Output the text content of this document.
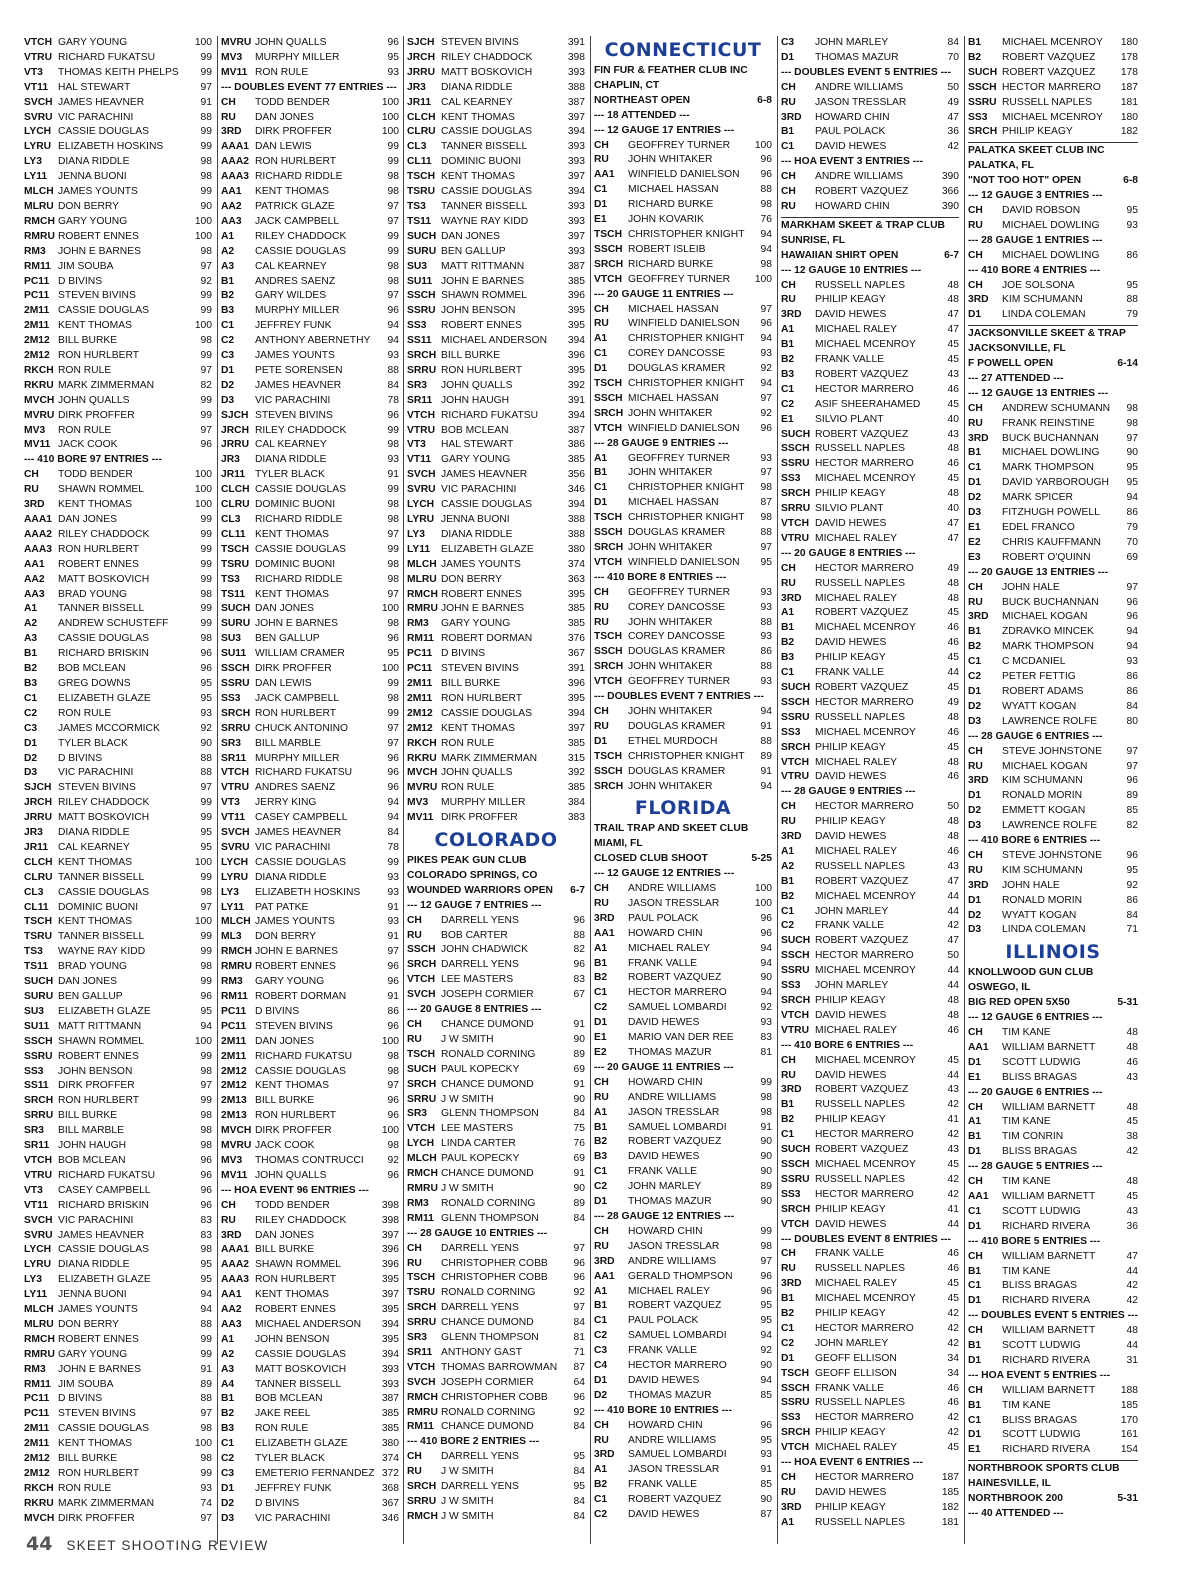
VTCH GARY YOUNG	100
VTRU RICHARD FUKATSU	99
VT3	THOMAS KEITH PHELPS	99
VT11 HAL STEWART	97
SVCH JAMES HEAVNER	91
SVRU VIC PARACHINI	88
LYCH CASSIE DOUGLAS	99
LYRU ELIZABETH HOSKINS	99
LY3	DIANA RIDDLE	98
LY11	JENNA BUONI	98
MLCH JAMES YOUNTS	99
MLRU DON BERRY	90
RMCH GARY YOUNG	100
RMRU ROBERT ENNES	100
RM3	JOHN E BARNES	98
RM11 JIM SOUBA	97
PC11 D BIVINS	92
PC11 STEVEN BIVINS	99
2M11 CASSIE DOUGLAS	99
2M11 KENT THOMAS	100
2M12 BILL BURKE	98
2M12 RON HURLBERT	99
RKCH RON RULE	97
RKRU MARK ZIMMERMAN	82
MVCH JOHN QUALLS	99
MVRU DIRK PROFFER	99
MV3	RON RULE	97
MV11 JACK COOK	96
--- 410 BORE 97 ENTRIES ---
CH	TODD BENDER	100
RU	SHAWN ROMMEL	100
3RD	KENT THOMAS	100
AAA1 DAN JONES	99
AAA2 RILEY CHADDOCK	99
AAA3 RON HURLBERT	99
AA1	ROBERT ENNES	99
AA2	MATT BOSKOVICH	99
AA3	BRAD YOUNG	98
A1	TANNER BISSELL	99
A2	ANDREW SCHUSTEFF	99
A3	CASSIE DOUGLAS	98
B1	RICHARD BRISKIN	96
B2	BOB MCLEAN	96
B3	GREG DOWNS	95
C1	ELIZABETH GLAZE	95
C2	RON RULE	93
C3	JAMES MCCORMICK	92
D1	TYLER BLACK	90
D2	D BIVINS	88
D3	VIC PARACHINI	88
SJCH STEVEN BIVINS	97
JRCH RILEY CHADDOCK	99
JRRU MATT BOSKOVICH	99
JR3	DIANA RIDDLE	95
JR11 CAL KEARNEY	95
CLCH KENT THOMAS	100
CLRU TANNER BISSELL	99
CL3	CASSIE DOUGLAS	98
CL11 DOMINIC BUONI	97
TSCH KENT THOMAS	100
TSRU TANNER BISSELL	99
TS3	WAYNE RAY KIDD	99
TS11 BRAD YOUNG	98
SUCH DAN JONES	99
SURU BEN GALLUP	96
SU3	ELIZABETH GLAZE	95
SU11 MATT RITTMANN	94
SSCH SHAWN ROMMEL	100
SSRU ROBERT ENNES	99
SS3	JOHN BENSON	98
SS11 DIRK PROFFER	97
SRCH RON HURLBERT	99
SRRU BILL BURKE	98
SR3	BILL MARBLE	98
SR11 JOHN HAUGH	98
VTCH BOB MCLEAN	96
VTRU RICHARD FUKATSU	96
VT3	CASEY CAMPBELL	96
VT11 RICHARD BRISKIN	96
SVCH VIC PARACHINI	83
SVRU JAMES HEAVNER	83
LYCH CASSIE DOUGLAS	98
LYRU DIANA RIDDLE	95
LY3	ELIZABETH GLAZE	95
LY11	JENNA BUONI	94
MLCH JAMES YOUNTS	94
MLRU DON BERRY	88
RMCH ROBERT ENNES	99
RMRU GARY YOUNG	99
RM3	JOHN E BARNES	91
RM11 JIM SOUBA	89
PC11 D BIVINS	88
PC11 STEVEN BIVINS	97
2M11 CASSIE DOUGLAS	98
2M11 KENT THOMAS	100
2M12 BILL BURKE	98
2M12 RON HURLBERT	99
RKCH RON RULE	93
RKRU MARK ZIMMERMAN	74
MVCH DIRK PROFFER	97
MVRU JOHN QUALLS	96
MV3	MURPHY MILLER	95
MV11 RON RULE	93
--- DOUBLES EVENT 77 ENTRIES ---
CH	TODD BENDER	100
RU	DAN JONES	100
3RD	DIRK PROFFER	100
AAA1 DAN LEWIS	99
AAA2 RON HURLBERT	99
AAA3 RICHARD RIDDLE	98
AA1	KENT THOMAS	98
AA2	PATRICK GLAZE	97
AA3	JACK CAMPBELL	97
A1	RILEY CHADDOCK	99
A2	CASSIE DOUGLAS	99
A3	CAL KEARNEY	98
B1	ANDRES SAENZ	98
B2	GARY WILDES	97
B3	MURPHY MILLER	96
C1	JEFFREY FUNK	94
C2	ANTHONY ABERNETHY	94
C3	JAMES YOUNTS	93
D1	PETE SORENSEN	88
D2	JAMES HEAVNER	84
D3	VIC PARACHINI	78
SJCH STEVEN BIVINS	96
JRCH RILEY CHADDOCK	99
JRRU CAL KEARNEY	98
JR3	DIANA RIDDLE	93
JR11 TYLER BLACK	91
CLCH CASSIE DOUGLAS	99
CLRU DOMINIC BUONI	98
CL3	RICHARD RIDDLE	98
CL11 KENT THOMAS	97
TSCH CASSIE DOUGLAS	99
TSRU DOMINIC BUONI	98
TS3	RICHARD RIDDLE	98
TS11 KENT THOMAS	97
SUCH DAN JONES	100
SURU JOHN E BARNES	98
SU3	BEN GALLUP	96
SU11 WILLIAM CRAMER	95
SSCH DIRK PROFFER	100
SSRU DAN LEWIS	99
SS3	JACK CAMPBELL	98
SRCH RON HURLBERT	99
SRRU CHUCK ANTONINO	97
SR3	BILL MARBLE	97
SR11 MURPHY MILLER	96
VTCH RICHARD FUKATSU	96
VTRU ANDRES SAENZ	96
VT3	JERRY KING	94
VT11 CASEY CAMPBELL	94
SVCH JAMES HEAVNER	84
SVRU VIC PARACHINI	78
LYCH CASSIE DOUGLAS	99
LYRU DIANA RIDDLE	93
LY3	ELIZABETH HOSKINS	93
LY11	PAT PATKE	91
MLCH JAMES YOUNTS	93
ML3	DON BERRY	91
RMCH JOHN E BARNES	97
RMRU ROBERT ENNES	96
RM3	GARY YOUNG	96
RM11 ROBERT DORMAN	91
PC11 D BIVINS	86
PC11 STEVEN BIVINS	96
2M11 DAN JONES	100
2M11 RICHARD FUKATSU	98
2M12 CASSIE DOUGLAS	98
2M12 KENT THOMAS	97
2M13 BILL BURKE	96
2M13 RON HURLBERT	96
MVCH DIRK PROFFER	100
MVRU JACK COOK	98
MV3	THOMAS CONTRUCCI	92
MV11 JOHN QUALLS	96
--- HOA EVENT 96 ENTRIES ---
CH	TODD BENDER	398
RU	RILEY CHADDOCK	398
3RD	DAN JONES	397
AAA1 BILL BURKE	396
AAA2 SHAWN ROMMEL	396
AAA3 RON HURLBERT	395
AA1	KENT THOMAS	397
AA2	ROBERT ENNES	395
AA3	MICHAEL ANDERSON	394
A1	JOHN BENSON	395
A2	CASSIE DOUGLAS	394
A3	MATT BOSKOVICH	393
A4	TANNER BISSELL	393
B1	BOB MCLEAN	387
B2	JAKE REEL	385
B3	RON RULE	385
C1	ELIZABETH GLAZE	380
C2	TYLER BLACK	374
C3	EMETERIO FERNANDEZ 372
D1	JEFFREY FUNK	368
D2	D BIVINS	367
D3	VIC PARACHINI	346
SJCH STEVEN BIVINS	391
JRCH RILEY CHADDOCK	398
JRRU MATT BOSKOVICH	393
JR3	DIANA RIDDLE	388
JR11 CAL KEARNEY	387
CLCH KENT THOMAS	397
CLRU CASSIE DOUGLAS	394
CL3	TANNER BISSELL	393
CL11 DOMINIC BUONI	393
TSCH KENT THOMAS	397
TSRU CASSIE DOUGLAS	394
TS3	TANNER BISSELL	393
TS11 WAYNE RAY KIDD	393
SUCH DAN JONES	397
SURU BEN GALLUP	393
SU3	MATT RITTMANN	387
SU11 JOHN E BARNES	385
SSCH SHAWN ROMMEL	396
SSRU JOHN BENSON	395
SS3	ROBERT ENNES	395
SS11 MICHAEL ANDERSON	394
SRCH BILL BURKE	396
SRRU RON HURLBERT	395
SR3	JOHN QUALLS	392
SR11 JOHN HAUGH	391
VTCH RICHARD FUKATSU	394
VTRU BOB MCLEAN	387
VT3	HAL STEWART	386
VT11 GARY YOUNG	385
SVCH JAMES HEAVNER	356
SVRU VIC PARACHINI	346
LYCH CASSIE DOUGLAS	394
LYRU JENNA BUONI	388
LY3	DIANA RIDDLE	388
LY11	ELIZABETH GLAZE	380
MLCH JAMES YOUNTS	374
MLRU DON BERRY	363
RMCH ROBERT ENNES	395
RMRU JOHN E BARNES	385
RM3	GARY YOUNG	385
RM11 ROBERT DORMAN	376
PC11 D BIVINS	367
PC11 STEVEN BIVINS	391
2M11 BILL BURKE	396
2M11 RON HURLBERT	395
2M12 CASSIE DOUGLAS	394
2M12 KENT THOMAS	397
RKCH RON RULE	385
RKRU MARK ZIMMERMAN	315
MVCH JOHN QUALLS	392
MVRU RON RULE	385
MV3	MURPHY MILLER	384
MV11 DIRK PROFFER	383
COLORADO
PIKES PEAK GUN CLUB
COLORADO SPRINGS, CO
WOUNDED WARRIORS OPEN	6-7
--- 12 GAUGE 7 ENTRIES ---
CH	DARRELL YENS	96
RU	BOB CARTER	88
SSCH JOHN CHADWICK	82
SRCH DARRELL YENS	96
VTCH LEE MASTERS	83
SVCH JOSEPH CORMIER	67
--- 20 GAUGE 8 ENTRIES ---
CH	CHANCE DUMOND	91
RU	J W SMITH	90
TSCH RONALD CORNING	89
SUCH PAUL KOPECKY	69
SRCH CHANCE DUMOND	91
SRRU J W SMITH	90
SR3	GLENN THOMPSON	84
VTCH LEE MASTERS	75
LYCH LINDA CARTER	76
MLCH PAUL KOPECKY	69
RMCH CHANCE DUMOND	91
RMRU J W SMITH	90
RM3	RONALD CORNING	89
RM11 GLENN THOMPSON	84
--- 28 GAUGE 10 ENTRIES ---
CH	DARRELL YENS	97
RU	CHRISTOPHER COBB	96
TSCH CHRISTOPHER COBB	96
TSRU RONALD CORNING	92
SRCH DARRELL YENS	97
SRRU CHANCE DUMOND	84
SR3	GLENN THOMPSON	81
SR11 ANTHONY GAST	71
VTCH THOMAS BARROWMAN	87
SVCH JOSEPH CORMIER	64
RMCH CHRISTOPHER COBB	96
RMRU RONALD CORNING	92
RM11 CHANCE DUMOND	84
--- 410 BORE 2 ENTRIES ---
CH	DARRELL YENS	95
RU	J W SMITH	84
SRCH DARRELL YENS	95
SRRU J W SMITH	84
RMCH J W SMITH	84
CONNECTICUT
FIN FUR & FEATHER CLUB INC
CHAPLIN, CT
NORTHEAST OPEN	6-8
--- 18 ATTENDED ---
--- 12 GAUGE 17 ENTRIES ---
CH	GEOFFREY TURNER	100
RU	JOHN WHITAKER	96
AA1	WINFIELD DANIELSON	96
C1	MICHAEL HASSAN	88
D1	RICHARD BURKE	98
E1	JOHN KOVARIK	76
TSCH CHRISTOPHER KNIGHT	94
SSCH ROBERT ISLEIB	94
SRCH RICHARD BURKE	98
VTCH GEOFFREY TURNER	100
--- 20 GAUGE 11 ENTRIES ---
CH	MICHAEL HASSAN	97
RU	WINFIELD DANIELSON	96
A1	CHRISTOPHER KNIGHT	94
C1	COREY DANCOSSE	93
D1	DOUGLAS KRAMER	92
TSCH CHRISTOPHER KNIGHT	94
SSCH MICHAEL HASSAN	97
SRCH JOHN WHITAKER	92
VTCH WINFIELD DANIELSON	96
--- 28 GAUGE 9 ENTRIES ---
A1	GEOFFREY TURNER	93
B1	JOHN WHITAKER	97
C1	CHRISTOPHER KNIGHT	98
D1	MICHAEL HASSAN	87
TSCH CHRISTOPHER KNIGHT	98
SSCH DOUGLAS KRAMER	88
SRCH JOHN WHITAKER	97
VTCH WINFIELD DANIELSON	95
--- 410 BORE 8 ENTRIES ---
CH	GEOFFREY TURNER	93
RU	COREY DANCOSSE	93
RU	JOHN WHITAKER	88
TSCH COREY DANCOSSE	93
SSCH DOUGLAS KRAMER	86
SRCH JOHN WHITAKER	88
VTCH GEOFFREY TURNER	93
--- DOUBLES EVENT 7 ENTRIES ---
CH	JOHN WHITAKER	94
RU	DOUGLAS KRAMER	91
D1	ETHEL MURDOCH	88
TSCH CHRISTOPHER KNIGHT	89
SSCH DOUGLAS KRAMER	91
SRCH JOHN WHITAKER	94
FLORIDA
TRAIL TRAP AND SKEET CLUB
MIAMI, FL
CLOSED CLUB SHOOT	5-25
--- 12 GAUGE 12 ENTRIES ---
CH	ANDRE WILLIAMS	100
RU	JASON TRESSLAR	100
3RD	PAUL POLACK	96
AA1	HOWARD CHIN	96
A1	MICHAEL RALEY	94
B1	FRANK VALLE	94
B2	ROBERT VAZQUEZ	90
C1	HECTOR MARRERO	94
C2	SAMUEL LOMBARDI	92
D1	DAVID HEWES	93
E1	MARIO VAN DER REE	83
E2	THOMAS MAZUR	81
--- 20 GAUGE 11 ENTRIES ---
CH	HOWARD CHIN	99
RU	ANDRE WILLIAMS	98
A1	JASON TRESSLAR	98
B1	SAMUEL LOMBARDI	91
B2	ROBERT VAZQUEZ	90
B3	DAVID HEWES	90
C1	FRANK VALLE	90
C2	JOHN MARLEY	89
D1	THOMAS MAZUR	90
--- 28 GAUGE 12 ENTRIES ---
CH	HOWARD CHIN	99
RU	JASON TRESSLAR	98
3RD	ANDRE WILLIAMS	97
AA1	GERALD THOMPSON	96
A1	MICHAEL RALEY	96
B1	ROBERT VAZQUEZ	95
C1	PAUL POLACK	95
C2	SAMUEL LOMBARDI	94
C3	FRANK VALLE	92
C4	HECTOR MARRERO	90
D1	DAVID HEWES	94
D2	THOMAS MAZUR	85
--- 410 BORE 10 ENTRIES ---
CH	HOWARD CHIN	96
RU	ANDRE WILLIAMS	95
3RD	SAMUEL LOMBARDI	93
A1	JASON TRESSLAR	91
B2	FRANK VALLE	85
C1	ROBERT VAZQUEZ	90
C2	DAVID HEWES	87
C3	JOHN MARLEY	84
D1	THOMAS MAZUR	70
--- DOUBLES EVENT 5 ENTRIES ---
CH	ANDRE WILLIAMS	50
RU	JASON TRESSLAR	49
3RD	HOWARD CHIN	47
B1	PAUL POLACK	36
C1	DAVID HEWES	42
--- HOA EVENT 3 ENTRIES ---
CH	ANDRE WILLIAMS	390
CH	ROBERT VAZQUEZ	366
RU	HOWARD CHIN	390
MARKHAM SKEET & TRAP CLUB
SUNRISE, FL
HAWAIIAN SHIRT OPEN	6-7
--- 12 GAUGE 10 ENTRIES ---
CH	RUSSELL NAPLES	48
RU	PHILIP KEAGY	48
3RD	DAVID HEWES	47
A1	MICHAEL RALEY	47
B1	MICHAEL MCENROY	45
B2	FRANK VALLE	45
B3	ROBERT VAZQUEZ	43
C1	HECTOR MARRERO	46
C2	ASIF SHEERAHAMED	45
E1	SILVIO PLANT	40
SUCH ROBERT VAZQUEZ	43
SSCH RUSSELL NAPLES	48
SSRU HECTOR MARRERO	46
SS3	MICHAEL MCENROY	45
SRCH PHILIP KEAGY	48
SRRU SILVIO PLANT	40
VTCH DAVID HEWES	47
VTRU MICHAEL RALEY	47
--- 20 GAUGE 8 ENTRIES ---
CH	HECTOR MARRERO	49
RU	RUSSELL NAPLES	48
3RD	MICHAEL RALEY	48
A1	ROBERT VAZQUEZ	45
B1	MICHAEL MCENROY	46
B2	DAVID HEWES	46
B3	PHILIP KEAGY	45
C1	FRANK VALLE	44
SUCH ROBERT VAZQUEZ	45
SSCH HECTOR MARRERO	49
SSRU RUSSELL NAPLES	48
SS3	MICHAEL MCENROY	46
SRCH PHILIP KEAGY	45
VTCH MICHAEL RALEY	48
VTRU DAVID HEWES	46
--- 28 GAUGE 9 ENTRIES ---
CH	HECTOR MARRERO	50
RU	PHILIP KEAGY	48
3RD	DAVID HEWES	48
A1	MICHAEL RALEY	46
A2	RUSSELL NAPLES	43
B1	ROBERT VAZQUEZ	47
B2	MICHAEL MCENROY	44
C1	JOHN MARLEY	44
C2	FRANK VALLE	42
SUCH ROBERT VAZQUEZ	47
SSCH HECTOR MARRERO	50
SSRU MICHAEL MCENROY	44
SS3	JOHN MARLEY	44
SRCH PHILIP KEAGY	48
VTCH DAVID HEWES	48
VTRU MICHAEL RALEY	46
--- 410 BORE 6 ENTRIES ---
CH	MICHAEL MCENROY	45
RU	DAVID HEWES	44
3RD	ROBERT VAZQUEZ	43
B1	RUSSELL NAPLES	42
B2	PHILIP KEAGY	41
C1	HECTOR MARRERO	42
SUCH ROBERT VAZQUEZ	43
SSCH MICHAEL MCENROY	45
SSRU RUSSELL NAPLES	42
SS3	HECTOR MARRERO	42
SRCH PHILIP KEAGY	41
VTCH DAVID HEWES	44
--- DOUBLES EVENT 8 ENTRIES ---
CH	FRANK VALLE	46
RU	RUSSELL NAPLES	46
3RD	MICHAEL RALEY	45
B1	MICHAEL MCENROY	45
B2	PHILIP KEAGY	42
C1	HECTOR MARRERO	42
C2	JOHN MARLEY	42
D1	GEOFF ELLISON	34
TSCH GEOFF ELLISON	34
SSCH FRANK VALLE	46
SSRU RUSSELL NAPLES	46
SS3	HECTOR MARRERO	42
SRCH PHILIP KEAGY	42
VTCH MICHAEL RALEY	45
--- HOA EVENT 6 ENTRIES ---
CH	HECTOR MARRERO	187
RU	DAVID HEWES	185
3RD	PHILIP KEAGY	182
A1	RUSSELL NAPLES	181
B1	MICHAEL MCENROY	180
B2	ROBERT VAZQUEZ	178
SUCH ROBERT VAZQUEZ	178
SSCH HECTOR MARRERO	187
SSRU RUSSELL NAPLES	181
SS3	MICHAEL MCENROY	180
SRCH PHILIP KEAGY	182
PALATKA SKEET CLUB INC
PALATKA, FL
"NOT TOO HOT" OPEN	6-8
--- 12 GAUGE 3 ENTRIES ---
CH	DAVID ROBSON	95
RU	MICHAEL DOWLING	93
--- 28 GAUGE 1 ENTRIES ---
CH	MICHAEL DOWLING	86
--- 410 BORE 4 ENTRIES ---
CH	JOE SOLSONA	95
3RD	KIM SCHUMANN	88
D1	LINDA COLEMAN	79
JACKSONVILLE SKEET & TRAP
JACKSONVILLE, FL
F POWELL OPEN	6-14
--- 27 ATTENDED ---
--- 12 GAUGE 13 ENTRIES ---
CH	ANDREW SCHUMANN	98
RU	FRANK REINSTINE	98
3RD	BUCK BUCHANNAN	97
B1	MICHAEL DOWLING	90
C1	MARK THOMPSON	95
D1	DAVID YARBOROUGH	95
D2	MARK SPICER	94
D3	FITZHUGH POWELL	86
E1	EDEL FRANCO	79
E2	CHRIS KAUFFMANN	70
E3	ROBERT O'QUINN	69
--- 20 GAUGE 13 ENTRIES ---
CH	JOHN HALE	97
RU	BUCK BUCHANNAN	96
3RD	MICHAEL KOGAN	96
B1	ZDRAVKO MINCEK	94
B2	MARK THOMPSON	94
C1	C MCDANIEL	93
C2	PETER FETTIG	86
D1	ROBERT ADAMS	86
D2	WYATT KOGAN	84
D3	LAWRENCE ROLFE	80
--- 28 GAUGE 6 ENTRIES ---
CH	STEVE JOHNSTONE	97
RU	MICHAEL KOGAN	97
3RD	KIM SCHUMANN	96
D1	RONALD MORIN	89
D2	EMMETT KOGAN	85
D3	LAWRENCE ROLFE	82
--- 410 BORE 6 ENTRIES ---
CH	STEVE JOHNSTONE	96
RU	KIM SCHUMANN	95
3RD	JOHN HALE	92
D1	RONALD MORIN	86
D2	WYATT KOGAN	84
D3	LINDA COLEMAN	71
ILLINOIS
KNOLLWOOD GUN CLUB
OSWEGO, IL
BIG RED OPEN 5X50	5-31
--- 12 GAUGE 6 ENTRIES ---
CH	TIM KANE	48
AA1	WILLIAM BARNETT	48
D1	SCOTT LUDWIG	46
E1	BLISS BRAGAS	43
--- 20 GAUGE 6 ENTRIES ---
CH	WILLIAM BARNETT	48
A1	TIM KANE	45
B1	TIM CONRIN	38
D1	BLISS BRAGAS	42
--- 28 GAUGE 5 ENTRIES ---
CH	TIM KANE	48
AA1	WILLIAM BARNETT	45
C1	SCOTT LUDWIG	43
D1	RICHARD RIVERA	36
--- 410 BORE 5 ENTRIES ---
CH	WILLIAM BARNETT	47
B1	TIM KANE	44
C1	BLISS BRAGAS	42
D1	RICHARD RIVERA	42
--- DOUBLES EVENT 5 ENTRIES ---
CH	WILLIAM BARNETT	48
B1	SCOTT LUDWIG	44
D1	RICHARD RIVERA	31
--- HOA EVENT 5 ENTRIES ---
CH	WILLIAM BARNETT	188
B1	TIM KANE	185
C1	BLISS BRAGAS	170
D1	SCOTT LUDWIG	161
E1	RICHARD RIVERA	154
NORTHBROOK SPORTS CLUB
HAINESVILLE, IL
NORTHBROOK 200	5-31
--- 40 ATTENDED ---
44 SKEET SHOOTING REVIEW
